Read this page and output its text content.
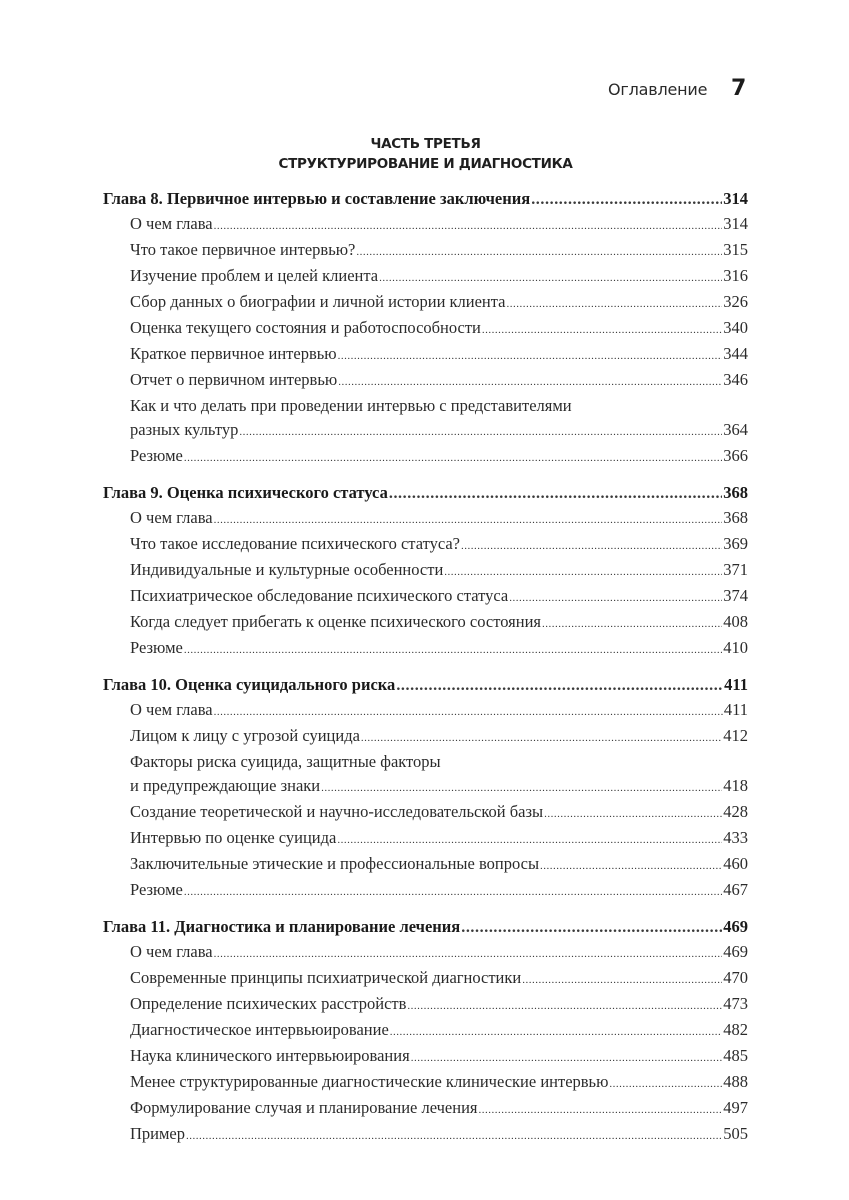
Оглавление 7
ЧАСТЬ ТРЕТЬЯ
СТРУКТУРИРОВАНИЕ И ДИАГНОСТИКА
Глава 8. Первичное интервью и составление заключения .....	314
О чем глава .....	314
Что такое первичное интервью? .....	315
Изучение проблем и целей клиента .....	316
Сбор данных о биографии и личной истории клиента .....	326
Оценка текущего состояния и работоспособности .....	340
Краткое первичное интервью .....	344
Отчет о первичном интервью .....	346
Как и что делать при проведении интервью с представителями
разных культур .....	364
Резюме .....	366
Глава 9. Оценка психического статуса .....	368
О чем глава .....	368
Что такое исследование психического статуса? .....	369
Индивидуальные и культурные особенности .....	371
Психиатрическое обследование психического статуса .....	374
Когда следует прибегать к оценке психического состояния .....	408
Резюме .....	410
Глава 10. Оценка суицидального риска .....	411
О чем глава .....	411
Лицом к лицу с угрозой суицида .....	412
Факторы риска суицида, защитные факторы
и предупреждающие знаки .....	418
Создание теоретической и научно-исследовательской базы .....	428
Интервью по оценке суицида .....	433
Заключительные этические и профессиональные вопросы .....	460
Резюме .....	467
Глава 11. Диагностика и планирование лечения .....	469
О чем глава .....	469
Современные принципы психиатрической диагностики .....	470
Определение психических расстройств .....	473
Диагностическое интервьюирование .....	482
Наука клинического интервьюирования .....	485
Менее структурированные диагностические клинические интервью .....	488
Формулирование случая и планирование лечения .....	497
Пример .....	505
